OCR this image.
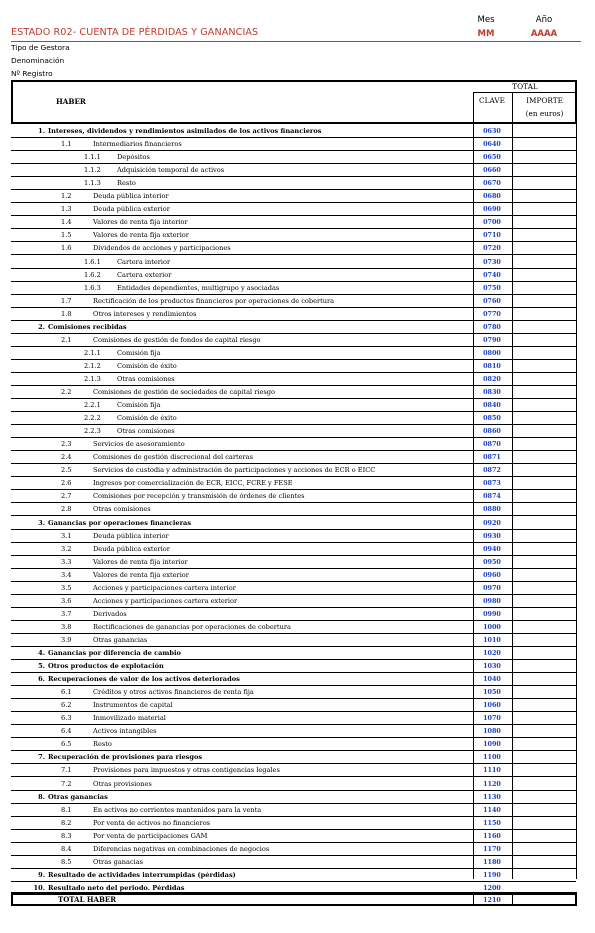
ESTADO R02- CUENTA DE PÉRDIDAS Y GANANCIAS
Mes	Año
MM	AAAA
Tipo de Gestora
Denominación
Nº Registro
HABER
TOTAL
CLAVE	IMPORTE
(en euros)
1. Intereses, dividendos y rendimientos asimilados de los activos financieros	0630
1.1	Intermediarios financieros	0640
1.1.1 Depósitos	0650
1.1.2 Adquisición temporal de activos	0660
1.1.3 Resto	0670
1.2	Deuda pública interior	0680
1.3	Deuda pública exterior	0690
1.4	Valores de renta fija interior	0700
1.5	Valores de renta fija exterior	0710
1.6	Dividendos de acciones y participaciones	0720
1.6.1 Cartera interior	0730
1.6.2 Cartera exterior	0740
1.6.3 Entidades dependientes, multigrupo y asociadas	0750
1.7	Rectificación de los productos financieros por operaciones de cobertura	0760
1.8	Otros intereses y rendimientos	0770
2. Comisiones recibidas	0780
2.1	Comisiones de gestión de fondos de capital riesgo	0790
2.1.1 Comisión fija	0800
2.1.2 Comisión de éxito	0810
2.1.3 Otras comisiones	0820
2.2	Comisiones de gestión de sociedades de capital riesgo	0830
2.2.1 Comisión fija	0840
2.2.2 Comisión de éxito	0850
2.2.3 Otras comisiones	0860
2.3	Servicios de asesoramiento	0870
2.4	Comisiones de gestión discrecional del carteras	0871
2.5	Servicios de custodia y administración de participaciones y acciones de ECR o EICC	0872
2.6	Ingresos por comercialización de ECR, EICC, FCRE y FESE	0873
2.7	Comisiones por recepción y transmisión de órdenes de clientes	0874
2.8	Otras comisiones	0880
3. Ganancias por operaciones financieras	0920
3.1	Deuda pública interior	0930
3.2	Deuda pública exterior	0940
3.3	Valores de renta fija interior	0950
3.4	Valores de renta fija exterior	0960
3.5	Acciones y participaciones cartera interior	0970
3.6	Acciones y participaciones cartera exterior	0980
3.7	Derivados	0990
3.8	Rectificaciones de ganancias por operaciones de cobertura	1000
3.9	Otras ganancias	1010
4. Ganancias por diferencia de cambio	1020
5. Otros productos de explotación	1030
6. Recuperaciones de valor de los activos deteriorados	1040
6.1	Créditos y otros activos financieros de renta fija	1050
6.2	Instrumentos de capital	1060
6.3	Inmovilizado material	1070
6.4	Activos intangibles	1080
6.5	Resto	1090
7. Recuperación de provisiones para riesgos	1100
7.1	Provisiones para impuestos y otras contigencias legales	1110
7.2	Otras provisiones	1120
8. Otras ganancias	1130
8.1	En activos no corrientes mantenidos para la venta	1140
8.2	Por venta de activos no financieros	1150
8.3	Por venta de participaciones GAM	1160
8.4	Diferencias negativas en combinaciones de negocios	1170
8.5	Otras ganacias	1180
9. Resultado de actividades interrumpidas (pérdidas)	1190
10. Resultado neto del periodo. Pérdidas	1200
TOTAL HABER	1210
